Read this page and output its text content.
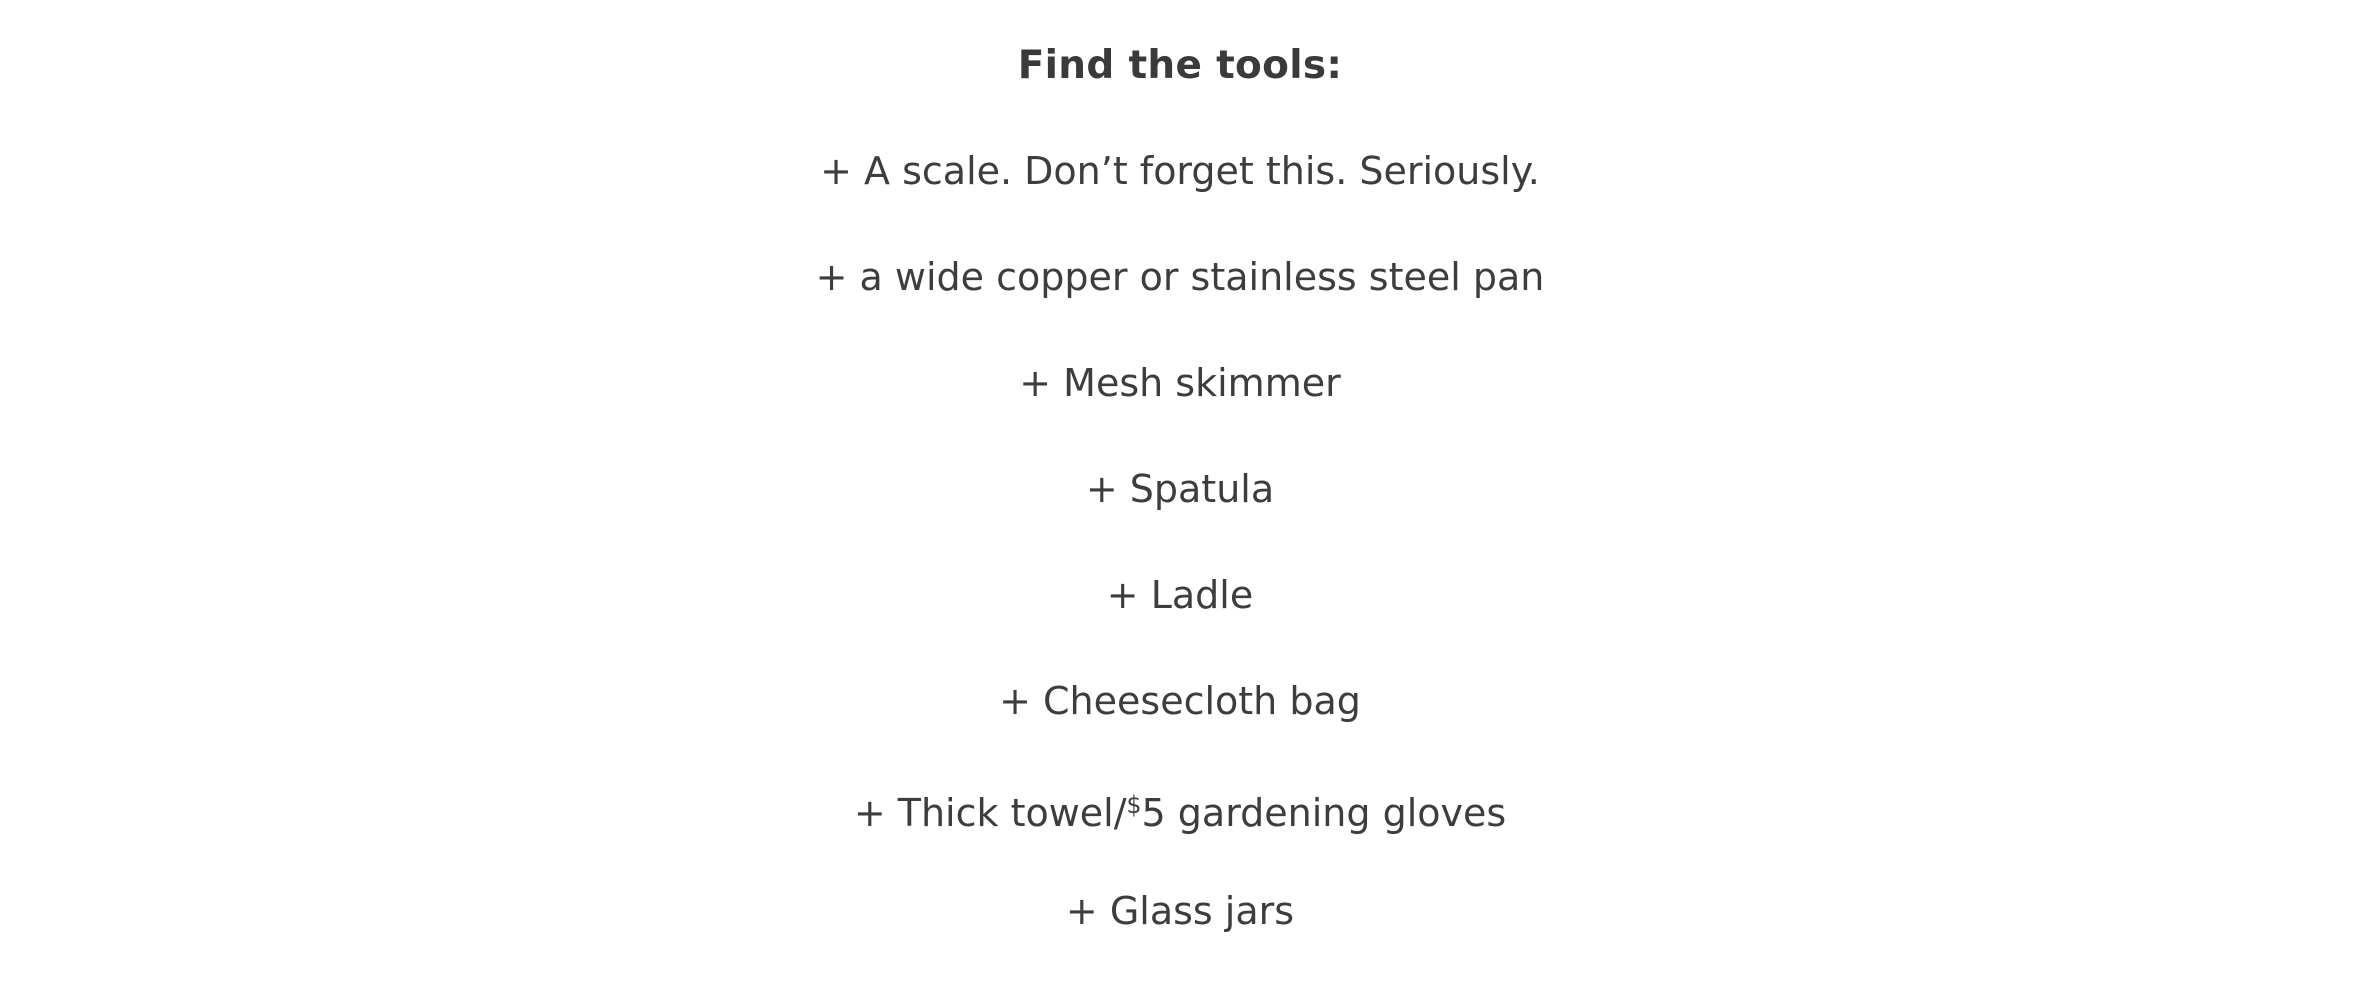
Find the tools:
+ A scale. Don’t forget this. Seriously.
+ a wide copper or stainless steel pan
+ Mesh skimmer
+ Spatula
+ Ladle
+ Cheesecloth bag
+ Thick towel/$5 gardening gloves
+ Glass jars
